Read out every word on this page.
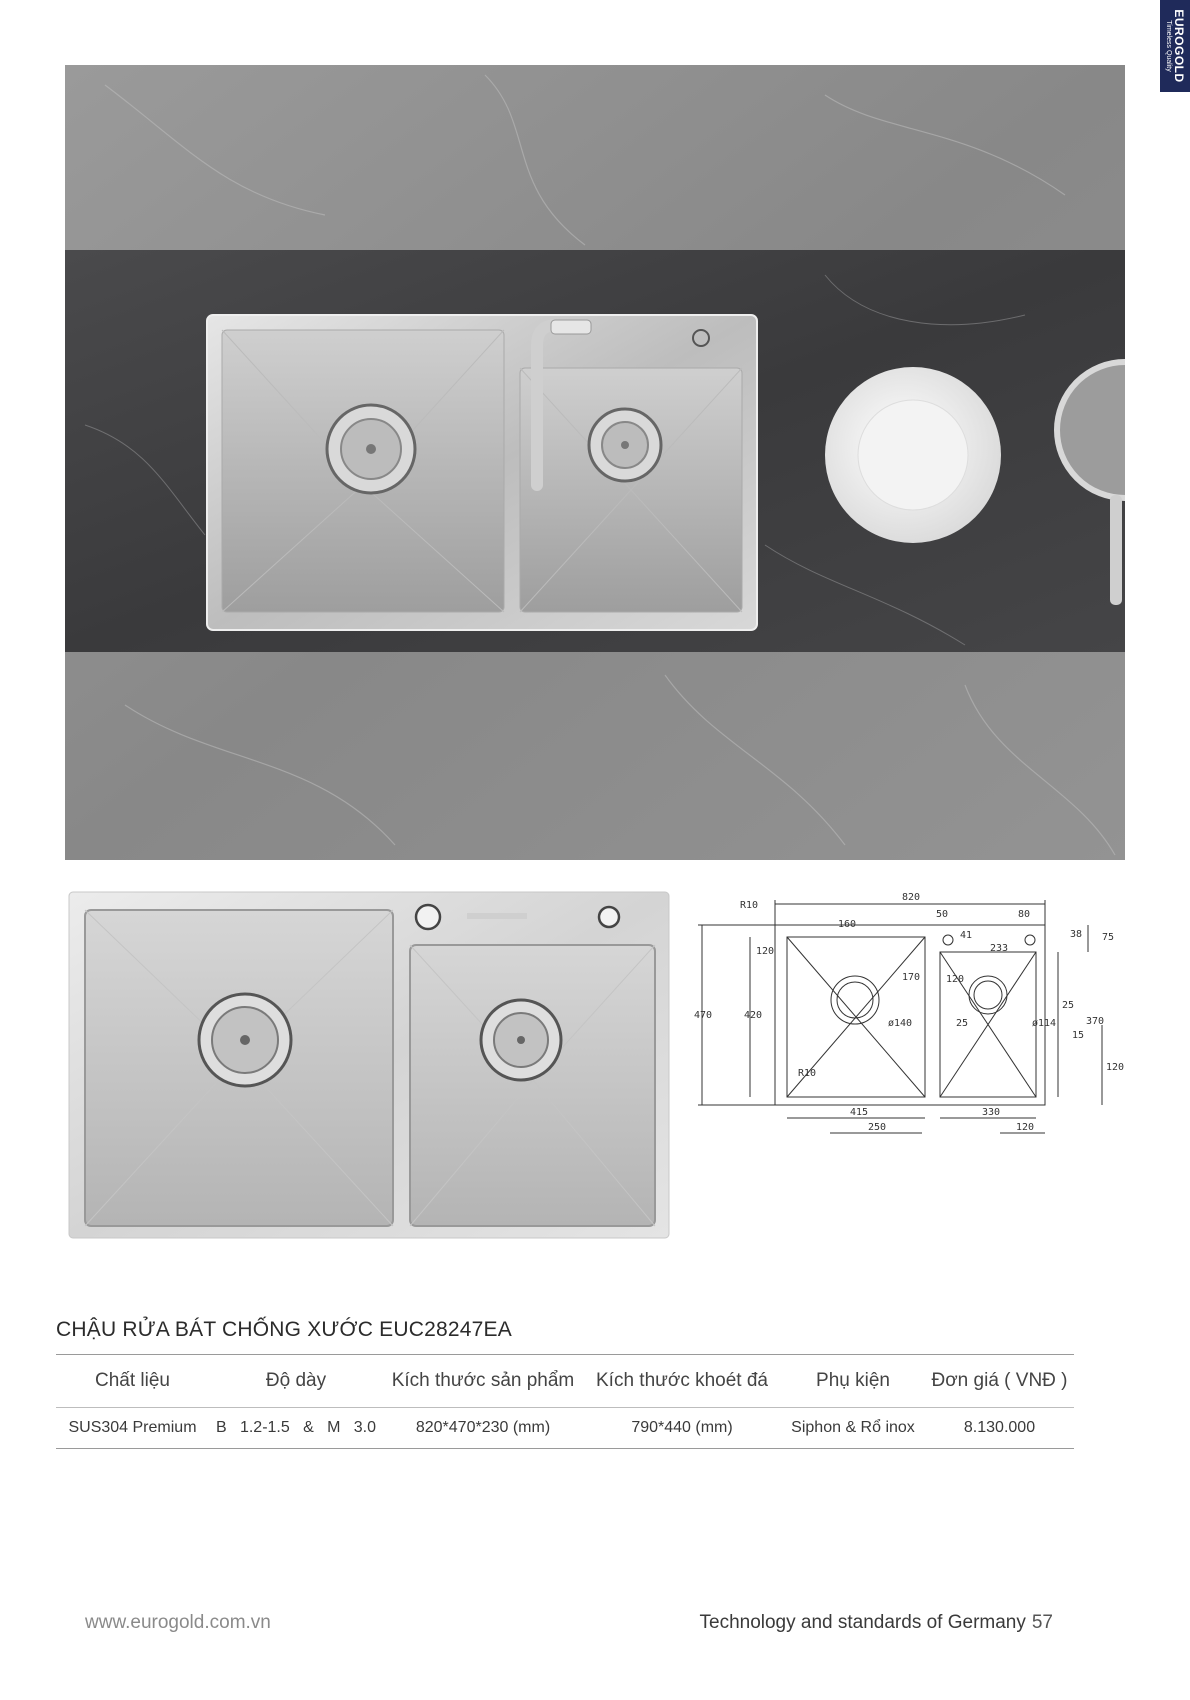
EUROGOLD
Timeless Quality
R10
820
50	80
160
41
233
38 75
120
170	120
470	420
ø140	25	ø114
25
370
15
R10
120
415	330
250	120
CHẬU RỬA BÁT CHỐNG XƯỚC EUC28247EA
Chất liệu	Độ dày	Kích thước sản phẩm	Kích thước khoét đá	Phụ kiện	Đơn giá ( VNĐ )
SUS304 Premium	B   1.2-1.5   &   M   3.0	820*470*230 (mm)	790*440 (mm)	Siphon & Rổ inox	8.130.000
www.eurogold.com.vn	Technology and standards of Germany 57
